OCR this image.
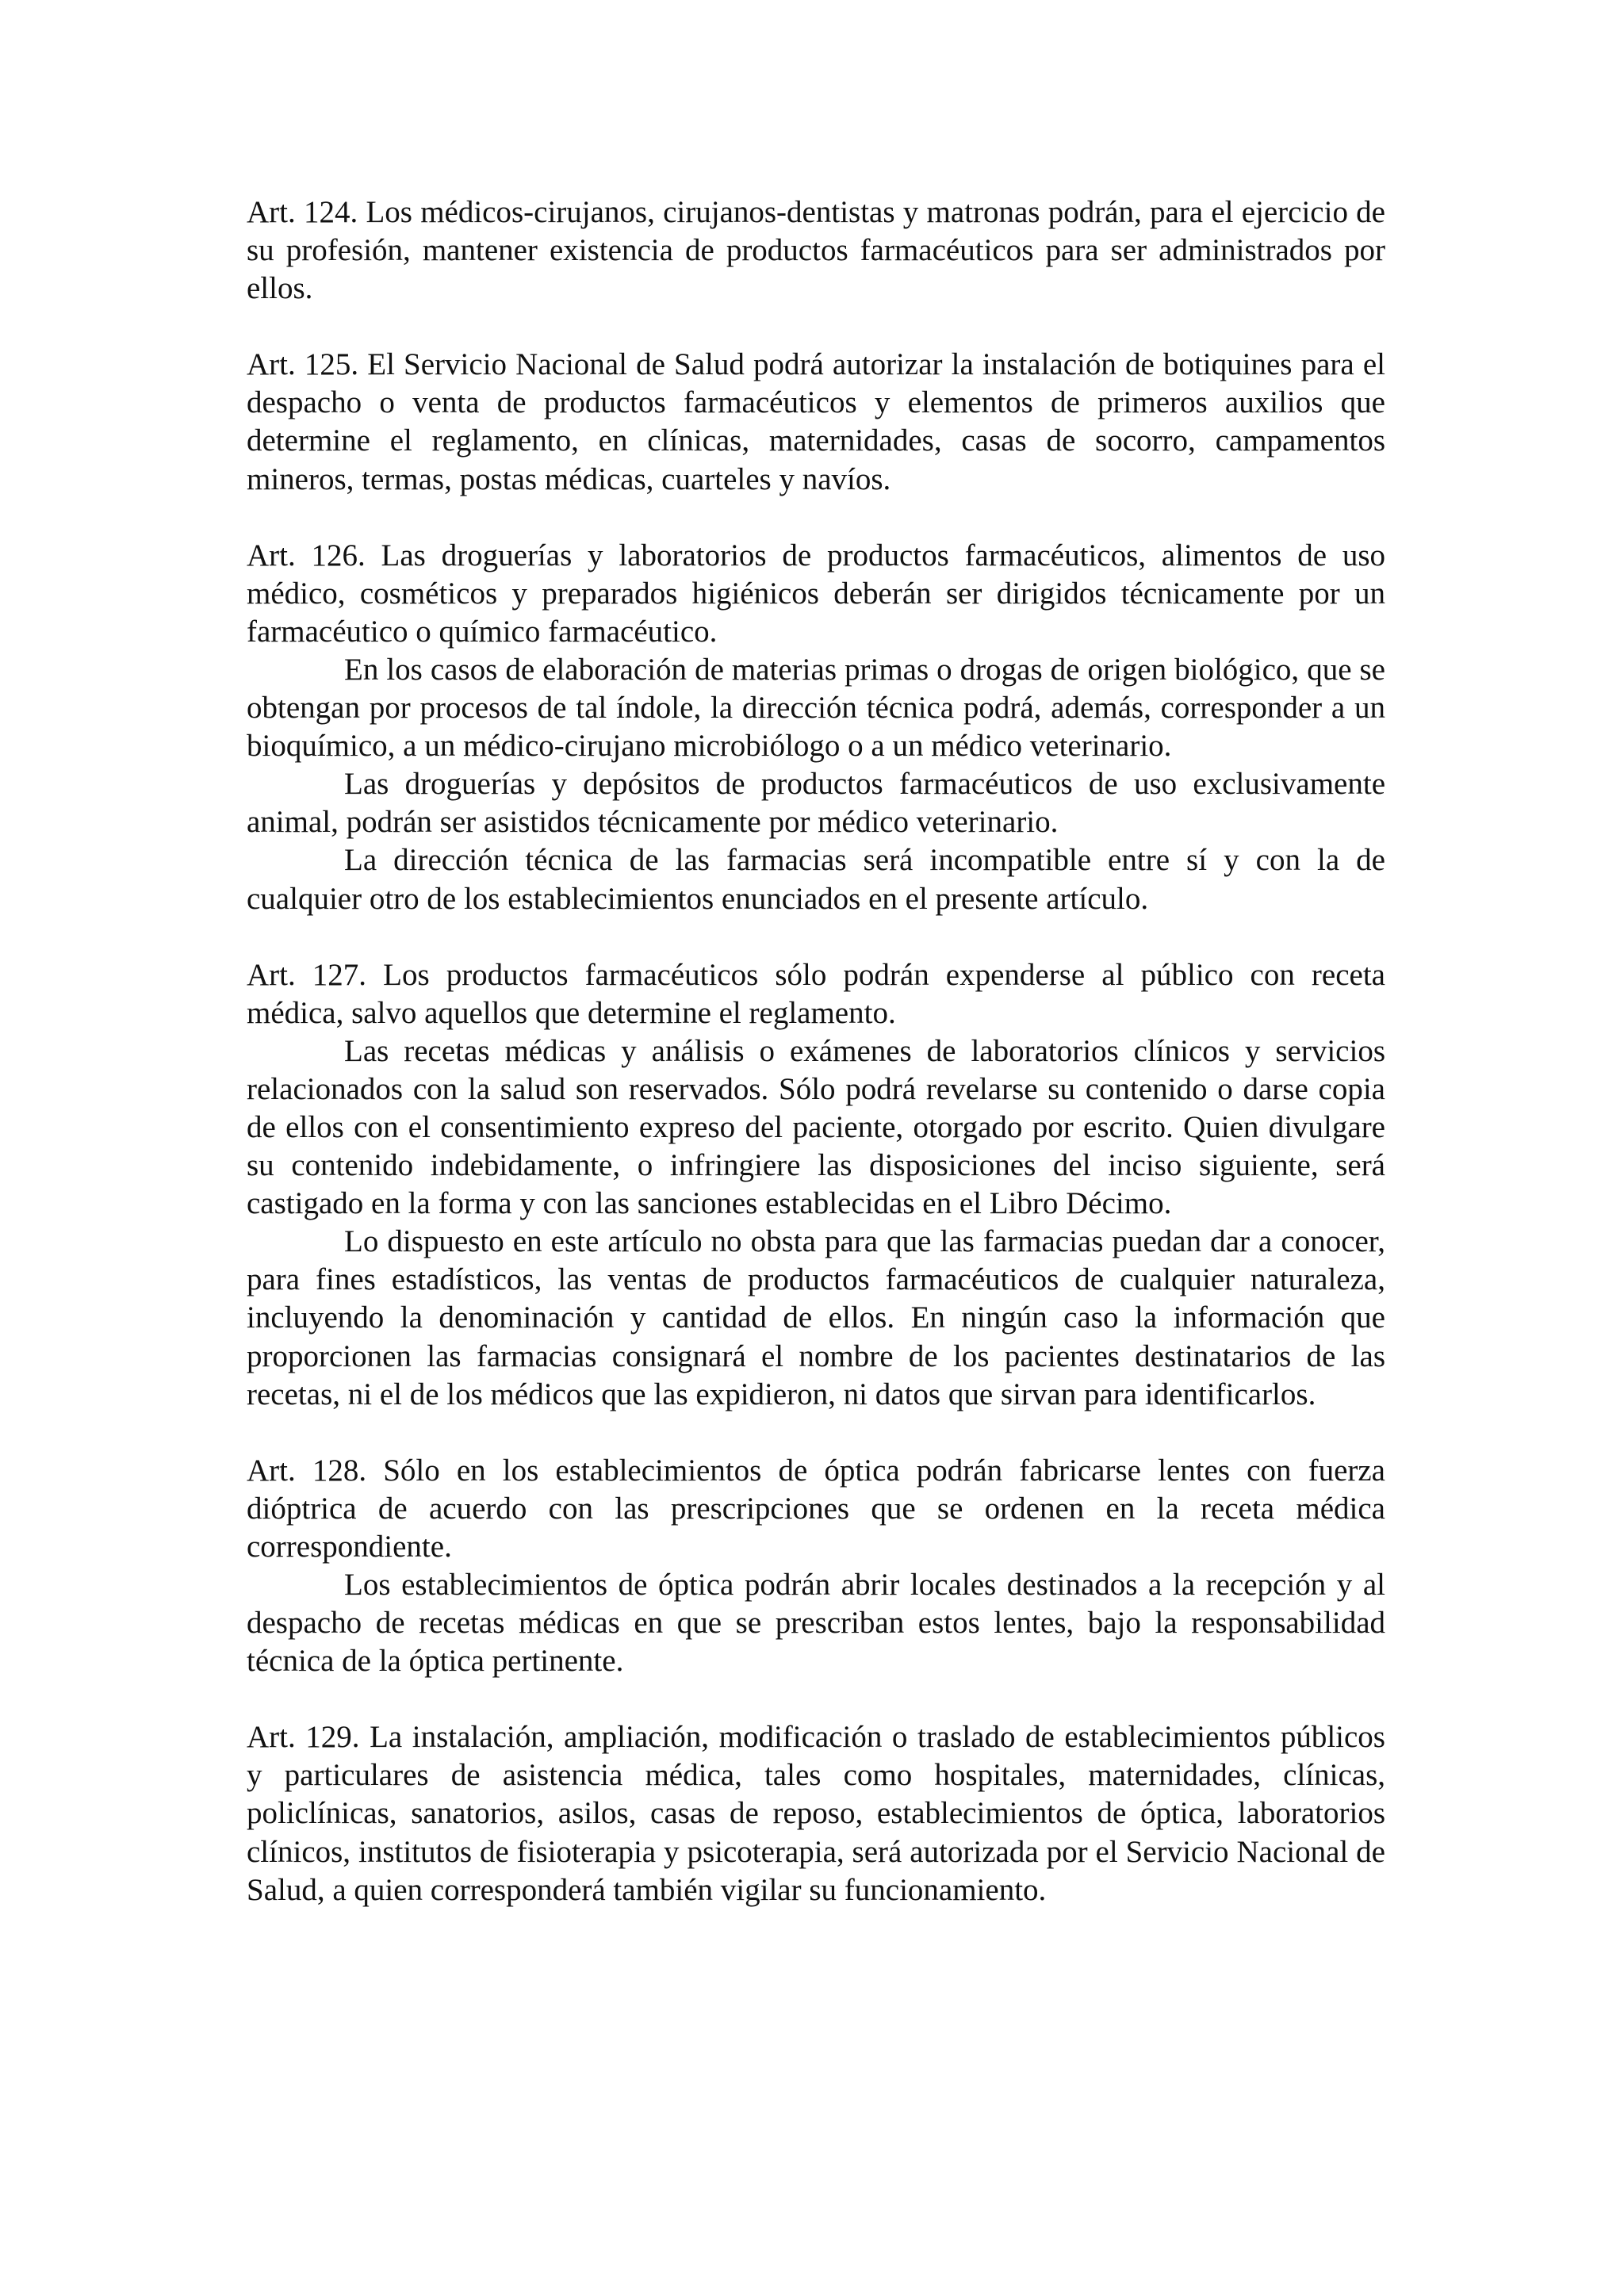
Art. 124. Los médicos-cirujanos, cirujanos-dentistas y matronas podrán, para el ejercicio de su profesión, mantener existencia de productos farmacéuticos para ser administrados por ellos.

Art. 125. El Servicio Nacional de Salud podrá autorizar la instalación de botiquines para el despacho o venta de productos farmacéuticos y elementos de primeros auxilios que determine el reglamento, en clínicas, maternidades, casas de socorro, campamentos mineros, termas, postas médicas, cuarteles y navíos.

Art. 126. Las droguerías y laboratorios de productos farmacéuticos, alimentos de uso médico, cosméticos y preparados higiénicos deberán ser dirigidos técnicamente por un farmacéutico o químico farmacéutico.

En los casos de elaboración de materias primas o drogas de origen biológico, que se obtengan por procesos de tal índole, la dirección técnica podrá, además, corresponder a un bioquímico, a un médico-cirujano microbiólogo o a un médico veterinario.

Las droguerías y depósitos de productos farmacéuticos de uso exclusivamente animal, podrán ser asistidos técnicamente por médico veterinario.

La dirección técnica de las farmacias será incompatible entre sí y con la de cualquier otro de los establecimientos enunciados en el presente artículo.

Art. 127. Los productos farmacéuticos sólo podrán expenderse al público con receta médica, salvo aquellos que determine el reglamento.

Las recetas médicas y análisis o exámenes de laboratorios clínicos y servicios relacionados con la salud son reservados. Sólo podrá revelarse su contenido o darse copia de ellos con el consentimiento expreso del paciente, otorgado por escrito. Quien divulgare su contenido indebidamente, o infringiere las disposiciones del inciso siguiente, será castigado en la forma y con las sanciones establecidas en el Libro Décimo.

Lo dispuesto en este artículo no obsta para que las farmacias puedan dar a conocer, para fines estadísticos, las ventas de productos farmacéuticos de cualquier naturaleza, incluyendo la denominación y cantidad de ellos. En ningún caso la información que proporcionen las farmacias consignará el nombre de los pacientes destinatarios de las recetas, ni el de los médicos que las expidieron, ni datos que sirvan para identificarlos.

Art. 128. Sólo en los establecimientos de óptica podrán fabricarse lentes con fuerza dióptrica de acuerdo con las prescripciones que se ordenen en la receta médica correspondiente.

Los establecimientos de óptica podrán abrir locales destinados a la recepción y al despacho de recetas médicas en que se prescriban estos lentes, bajo la responsabilidad técnica de la óptica pertinente.

Art. 129. La instalación, ampliación, modificación o traslado de establecimientos públicos y particulares de asistencia médica, tales como hospitales, maternidades, clínicas, policlínicas, sanatorios, asilos, casas de reposo, establecimientos de óptica, laboratorios clínicos, institutos de fisioterapia y psicoterapia, será autorizada por el Servicio Nacional de Salud, a quien corresponderá también vigilar su funcionamiento.
